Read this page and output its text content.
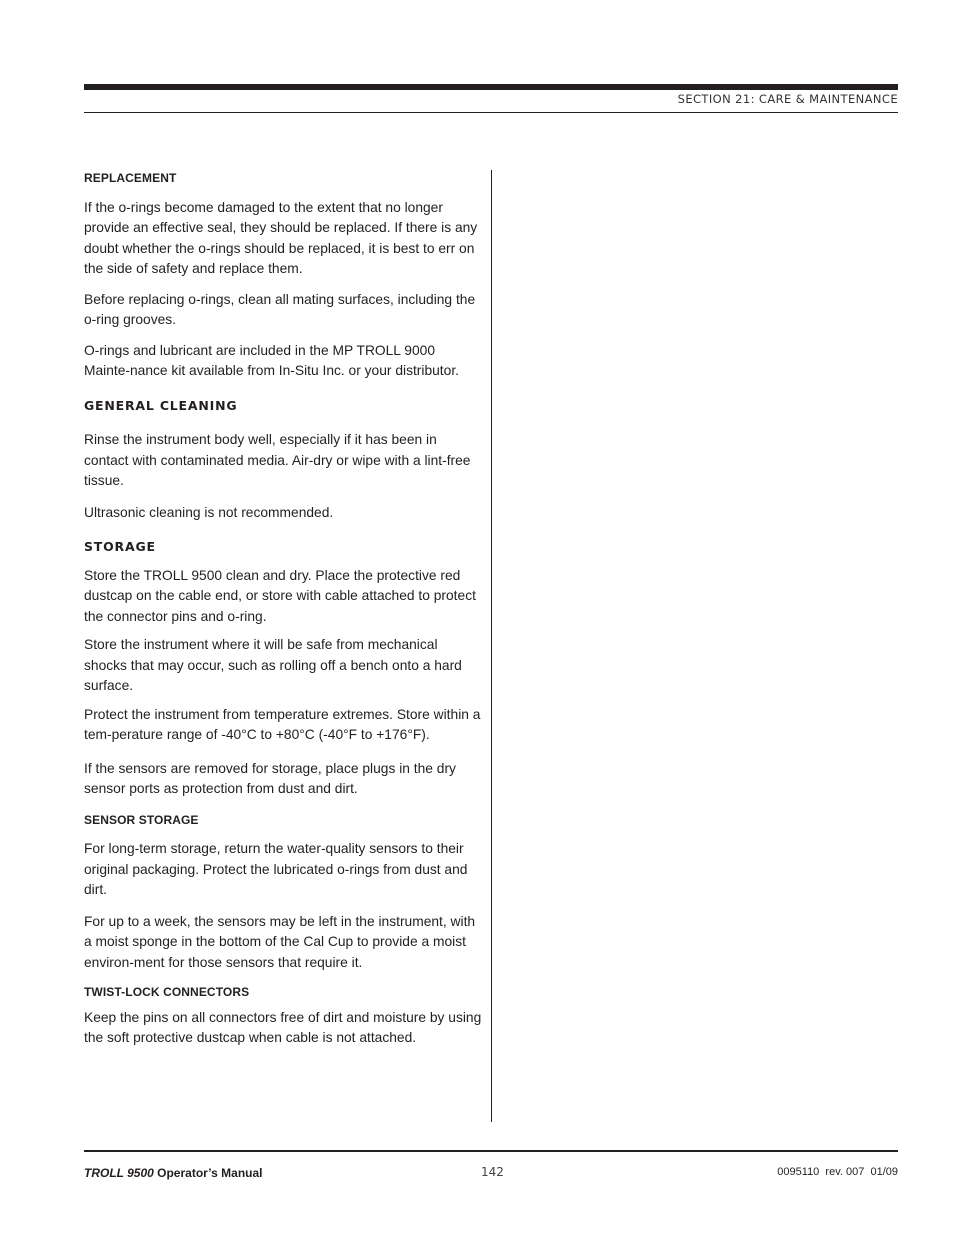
SECTION 21: CARE & MAINTENANCE
REPLACEMENT

If the o-rings become damaged to the extent that no longer provide an effective seal, they should be replaced. If there is any doubt whether the o-rings should be replaced, it is best to err on the side of safety and replace them.

Before replacing o-rings, clean all mating surfaces, including the o-ring grooves.

O-rings and lubricant are included in the MP TROLL 9000 Mainte-nance kit available from In-Situ Inc. or your distributor.

GENERAL CLEANING

Rinse the instrument body well, especially if it has been in contact with contaminated media. Air-dry or wipe with a lint-free tissue.

Ultrasonic cleaning is not recommended.

STORAGE

Store the TROLL 9500 clean and dry. Place the protective red dustcap on the cable end, or store with cable attached to protect the connector pins and o-ring.

Store the instrument where it will be safe from mechanical shocks that may occur, such as rolling off a bench onto a hard surface.

Protect the instrument from temperature extremes. Store within a tem-perature range of -40°C to +80°C (-40°F to +176°F).

If the sensors are removed for storage, place plugs in the dry sensor ports as protection from dust and dirt.

SENSOR STORAGE

For long-term storage, return the water-quality sensors to their original packaging. Protect the lubricated o-rings from dust and dirt.

For up to a week, the sensors may be left in the instrument, with a moist sponge in the bottom of the Cal Cup to provide a moist environ-ment for those sensors that require it.

TWIST-LOCK CONNECTORS

Keep the pins on all connectors free of dirt and moisture by using the soft protective dustcap when cable is not attached.

TROLL 9500 Operator’s Manual	142	0095110  rev. 007  01/09
